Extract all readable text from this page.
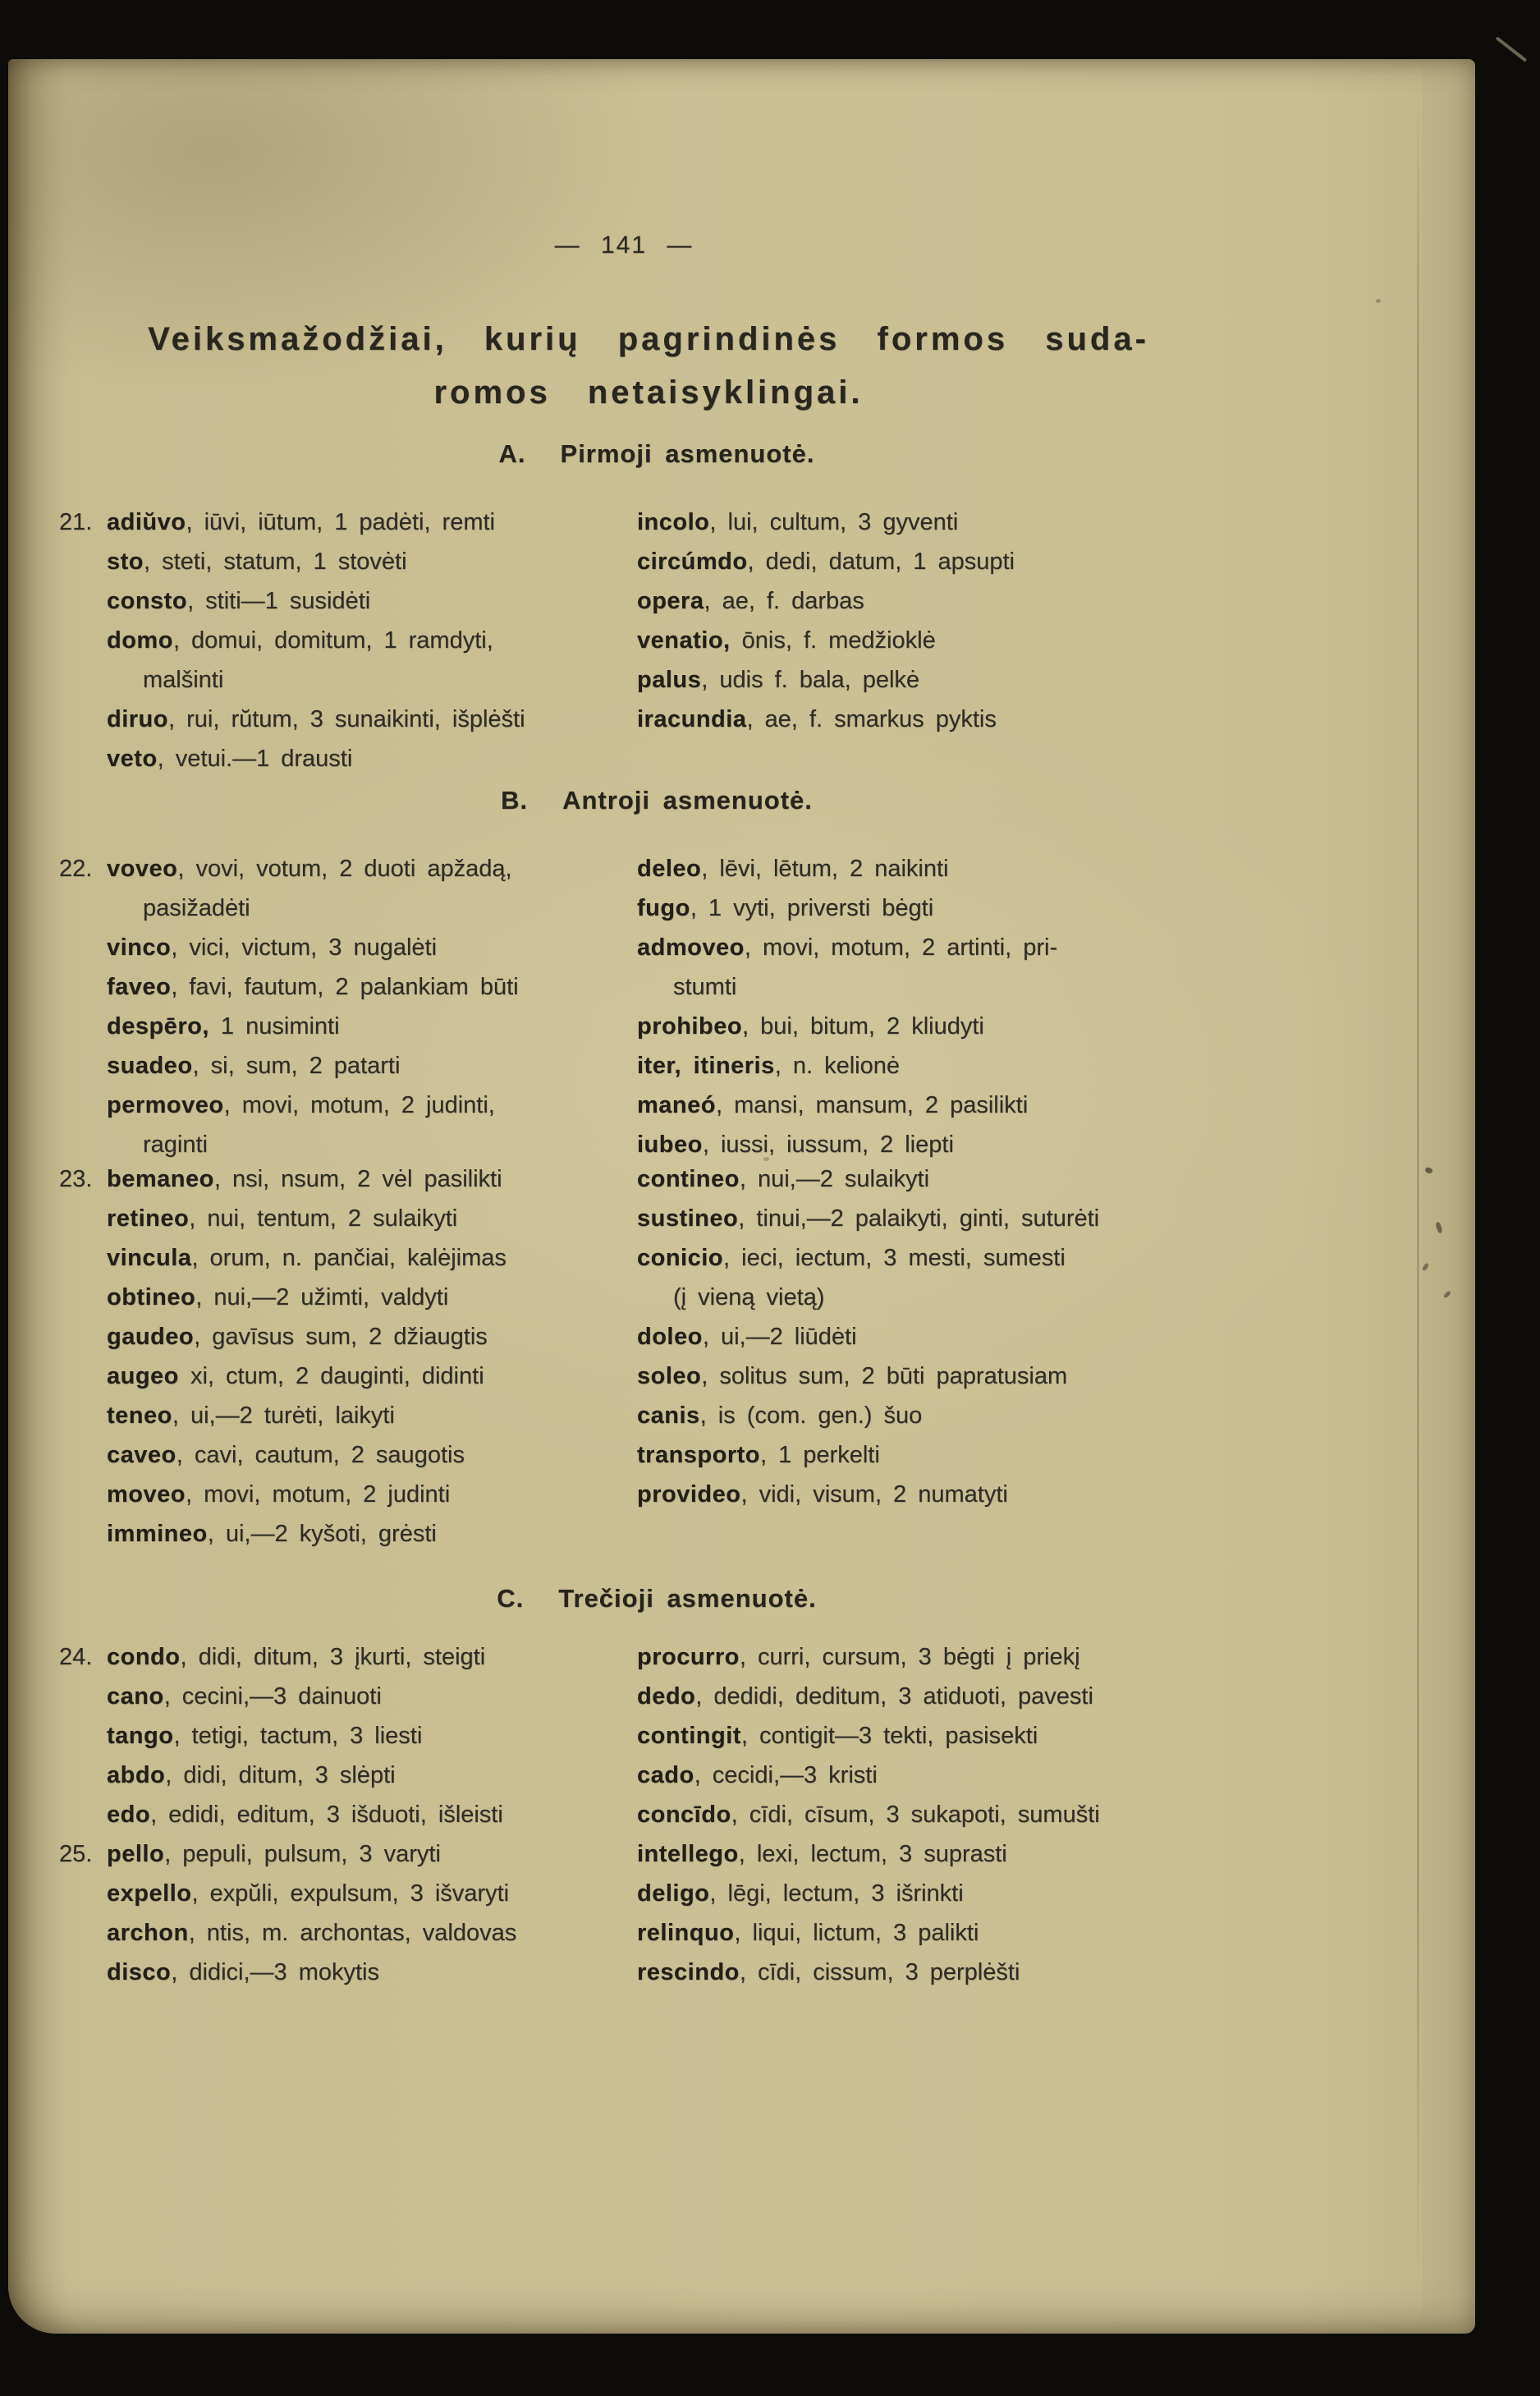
— 141 —
Veiksmažodžiai, kurių pagrindinės formos suda-
romos netaisyklingai.
A. Pirmoji asmenuotė.
21. adiŭvo, iūvi, iūtum, 1 padėti, remti
sto, steti, statum, 1 stovėti
consto, stiti—1 susidėti
domo, domui, domitum, 1 ramdyti,
malšinti
diruo, rui, rŭtum, 3 sunaikinti, išplėšti
veto, vetui.—1 drausti
incolo, lui, cultum, 3 gyventi
circúmdo, dedi, datum, 1 apsupti
opera, ae, f. darbas
venatio, ōnis, f. medžioklė
palus, udis f. bala, pelkė
iracundia, ae, f. smarkus pyktis
B. Antroji asmenuotė.
22. voveo, vovi, votum, 2 duoti apžadą,
pasižadėti
vinco, vici, victum, 3 nugalėti
faveo, favi, fautum, 2 palankiam būti
despēro, 1 nusiminti
suadeo, si, sum, 2 patarti
permoveo, movi, motum, 2 judinti,
raginti
deleo, lēvi, lētum, 2 naikinti
fugo, 1 vyti, priversti bėgti
admoveo, movi, motum, 2 artinti, pri-
stumti
prohibeo, bui, bitum, 2 kliudyti
iter, itineris, n. kelionė
maneó, mansi, mansum, 2 pasilikti
iubeo, iussi, iussum, 2 liepti
23. bemaneo, nsi, nsum, 2 vėl pasilikti
retineo, nui, tentum, 2 sulaikyti
vincula, orum, n. pančiai, kalėjimas
obtineo, nui,—2 užimti, valdyti
gaudeo, gavīsus sum, 2 džiaugtis
augeo xi, ctum, 2 dauginti, didinti
teneo, ui,—2 turėti, laikyti
caveo, cavi, cautum, 2 saugotis
moveo, movi, motum, 2 judinti
immineo, ui,—2 kyšoti, grėsti
contineo, nui,—2 sulaikyti
sustineo, tinui,—2 palaikyti, ginti, suturėti
conicio, ieci, iectum, 3 mesti, sumesti
(į vieną vietą)
doleo, ui,—2 liūdėti
soleo, solitus sum, 2 būti papratusiam
canis, is (com. gen.) šuo
transporto, 1 perkelti
provideo, vidi, visum, 2 numatyti
C. Trečioji asmenuotė.
24. condo, didi, ditum, 3 įkurti, steigti
cano, cecini,—3 dainuoti
tango, tetigi, tactum, 3 liesti
abdo, didi, ditum, 3 slėpti
edo, edidi, editum, 3 išduoti, išleisti
procurro, curri, cursum, 3 bėgti į priekį
dedo, dedidi, deditum, 3 atiduoti, pavesti
contingit, contigit—3 tekti, pasisekti
cado, cecidi,—3 kristi
concīdo, cīdi, cīsum, 3 sukapoti, sumušti
25. pello, pepuli, pulsum, 3 varyti
expello, expŭli, expulsum, 3 išvaryti
archon, ntis, m. archontas, valdovas
disco, didici,—3 mokytis
intellego, lexi, lectum, 3 suprasti
deligo, lēgi, lectum, 3 išrinkti
relinquo, liqui, lictum, 3 palikti
rescindo, cīdi, cissum, 3 perplėšti
